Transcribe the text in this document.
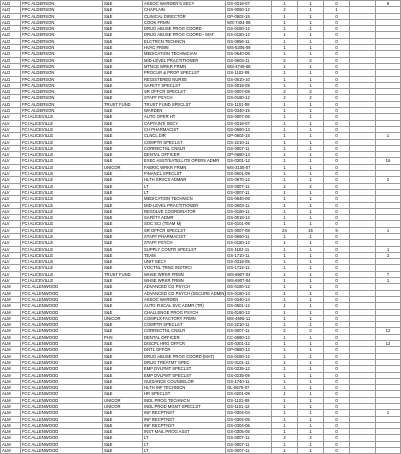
ALD	FPC ALDERSON	S&E	ASSOC WARDEN'S SECY	GS-0318-07	1	1	0		6
ALD	FPC ALDERSON	S&E	CHAPLAIN	GS-0060-12	2	1	1		
ALD	FPC ALDERSON	S&E	CLINICAL DIRECTOR	GP-0602-15	1	1	0		
ALD	FPC ALDERSON	S&E	COOK FRMN	WS-7404-08	1	1	0		
ALD	FPC ALDERSON	S&E	DRUG ABUSE PROG COORD	GS-0180-12	1	1	0		
ALD	FPC ALDERSON	S&E	DRUG ABUSE PROG COORD - MAT	GS-0180-12	1	1	0		
ALD	FPC ALDERSON	S&E	ELCTRCN TECHNCN	GS-0856-11	1	1	0		
ALD	FPC ALDERSON	S&E	HVAC FRMN	WS-5306-09	1	1	0		
ALD	FPC ALDERSON	S&E	MEDICATION TECHNICIAN	GS-0640-06	1	1	0		
ALD	FPC ALDERSON	S&E	MID-LEVEL PRACTITIONER	GS-0603-11	2	2	0		
ALD	FPC ALDERSON	S&E	MTNCE WRKR FRMN	WS-4749-08	1	1	0		
ALD	FPC ALDERSON	S&E	PROCUR & PROP SPECLST	GS-1102-09	1	1	0		
ALD	FPC ALDERSON	S&E	REGISTERED NURSE	GS-0610-10	1	1	0		
ALD	FPC ALDERSON	S&E	SAFETY SPECLST	GS-0018-09	1	1	0		
ALD	FPC ALDERSON	S&E	SR OFFCR SPECLST	GS-0007-08	2	2	0		
ALD	FPC ALDERSON	S&E	STAFF PSYCH	GS-0180-12	2	2	0		
ALD	FPC ALDERSON	TRUST FUND	TRUST FUND SPECLST	GS-1101-09	1	1	0		
ALD	FPC ALDERSON	S&E	WARDEN	GS-0340-15	1	1	0		
ALV	FCI ALICEVILLE	S&E	AUTO OPER HT	GS-0007-06	1	1	0		
ALV	FCI ALICEVILLE	S&E	CAPTAIN'S SECY	GS-0318-07	1	1	0		
ALV	FCI ALICEVILLE	S&E	CH PHARMACIST	GS-0660-13	1	1	0		
ALV	FCI ALICEVILLE	S&E	CLNCL DIR	GP-0602-15	1	1	0		1
ALV	FCI ALICEVILLE	S&E	COMPTR SPECLST	GS-2210-11	1	1	0		
ALV	FCI ALICEVILLE	S&E	CORRECTNL CNSLR	GS-0007-11	1	1	0		
ALV	FCI ALICEVILLE	S&E	DENTAL OFFICER	GP-0680-13	1	1	0		
ALV	FCI ALICEVILLE	S&E	EXEC ASST/SATELLITE OPERS ADMR	GS-0301-12	1	1	0		16
ALV	FCI ALICEVILLE	UNICOR	FABRIC WRKR FRMN	WS-3105-07	1	1	0		
ALV	FCI ALICEVILLE	S&E	FINANCL SPECLST	GS-0501-09	1	1	0		
ALV	FCI ALICEVILLE	S&E	HLTH SRVCS ADMNR	GS-0670-12	1	1	0		2
ALV	FCI ALICEVILLE	S&E	LT	GS-0007-11	2	2	0		
ALV	FCI ALICEVILLE	S&E	LT	GS-0007-11	1	1	0		
ALV	FCI ALICEVILLE	S&E	MEDICATION TECHNICN	GS-0640-06	1	1	0		
ALV	FCI ALICEVILLE	S&E	MID-LEVEL PRACTITIONER	GS-0603-11	1	1	0		
ALV	FCI ALICEVILLE	S&E	RESOLVE COORDINATOR	GS-0180-11	1	1	0		
ALV	FCI ALICEVILLE	S&E	SAFETY ADMR	GS-0018-12	1	1	0		
ALV	FCI ALICEVILLE	S&E	SOC SCI (TEAM M)	GS-0101-09	1	1	0		
ALV	FCI ALICEVILLE	S&E	SR OFFCR SPECLST	GS-0007-08	24	15	9		1
ALV	FCI ALICEVILLE	S&E	STAFF PHARMACIST	GS-0660-11	1	1	0		
ALV	FCI ALICEVILLE	S&E	STAFF PSYCH	GS-0180-12	1	1	0		
ALV	FCI ALICEVILLE	S&E	SUPPLY CONTR SPECLST	GS-1102-11	1	1	0		1
ALV	FCI ALICEVILLE	S&E	TEAM	GS-1710-11	1	1	0		2
ALV	FCI ALICEVILLE	S&E	UNIT SECY	GS-0318-05	1	1	0		
ALV	FCI ALICEVILLE	S&E	VOCTNL TRNG INSTRCI	GS-1712-11	1	1	0		
ALV	FCI ALICEVILLE	TRUST FUND	WHSE WRKR FRMN	WS-6907-04	1	1	0		7
ALV	FCI ALICEVILLE	S&E	WHSE WRKR FRMN	WS-6907-04	1	1	0		1
ALM	FCC ALLENWOOD	S&E	ADVANCED CG PSYCH	GS-0180-12	1	1	0		
ALM	FCC ALLENWOOD	S&E	ADVANCED CG PSYCH (SECURE ADMIN)	GS-0180-13	1	1	0		
ALM	FCC ALLENWOOD	S&E	ASSOC WARDEN	GS-0340-14	1	1	0		
ALM	FCC ALLENWOOD	S&E	AUTO FISCAL SVC ADMR (TR)	GS-0501-12	1	1	0		
ALM	FCC ALLENWOOD	S&E	CHALLENGE PROG PSYCH	GS-0180-12	1	1	0		
ALM	FCC ALLENWOOD	UNICOR	COMPLX FACTORY FRMN	WS-4605-11	1	1	0		
ALM	FCC ALLENWOOD	S&E	COMPTR SPECLST	GS-2210-11	1	1	0		
ALM	FCC ALLENWOOD	S&E	CORRECTNL CNSLR	GS-0007-11	2	2	0		12
ALM	FCC ALLENWOOD	PHS	DENTAL OFFICER	CC-0680-12	1	1	0		
ALM	FCC ALLENWOOD	S&E	DISCPL HRG OFFCR	GS-0301-12	1	1	0		12
ALM	FCC ALLENWOOD	S&E	DNTL OFFCR	GP-0680-13	1	1	0		
ALM	FCC ALLENWOOD	S&E	DRUG ABUSE PROG COORD (MAT)	GS-0180-12	1	1	0		
ALM	FCC ALLENWOOD	S&E	DRUG TREATMT SPEC	GS-0101-11	1	1	0		
ALM	FCC ALLENWOOD	S&E	EMP DVLPMT SPECLST	GS-0235-12	1	1	0		
ALM	FCC ALLENWOOD	S&E	EMP DVLPMT SPECLST	GS-0235-09	1	1	0		
ALM	FCC ALLENWOOD	S&E	GUIDANCE COUNSELOR	GS-1740-11	1	1	0		
ALM	FCC ALLENWOOD	S&E	HLTH INF TECHNICN	GL-0675-07	1	1	0		
ALM	FCC ALLENWOOD	S&E	HR SPECLST	GS-0201-09	1	1	0		
ALM	FCC ALLENWOOD	UNICOR	INDL PROG TECHNICN	GS-1101-09	1	1	0		
ALM	FCC ALLENWOOD	UNICOR	INDL PROD MGMT SPECLST	GS-1101-12	1	1	0		
ALM	FCC ALLENWOOD	S&E	INF RECPTNST	GS-0304-04	1	1	0		1
ALM	FCC ALLENWOOD	S&E	INF RECPTNST	GS-0304-05	1	1	0		
ALM	FCC ALLENWOOD	S&E	INF RECPTNST	GS-0304-06	1	1	0		
ALM	FCC ALLENWOOD	S&E	INST MAIL PROG ASST	GS-0305-05	1	1	0		
ALM	FCC ALLENWOOD	S&E	LT	GS-0007-11	2	2	0		
ALM	FCC ALLENWOOD	S&E	LT	GS-0007-11	1	1	0		
ALM	FCC ALLENWOOD	S&E	LT	GS-0007-11	1	1	0		
